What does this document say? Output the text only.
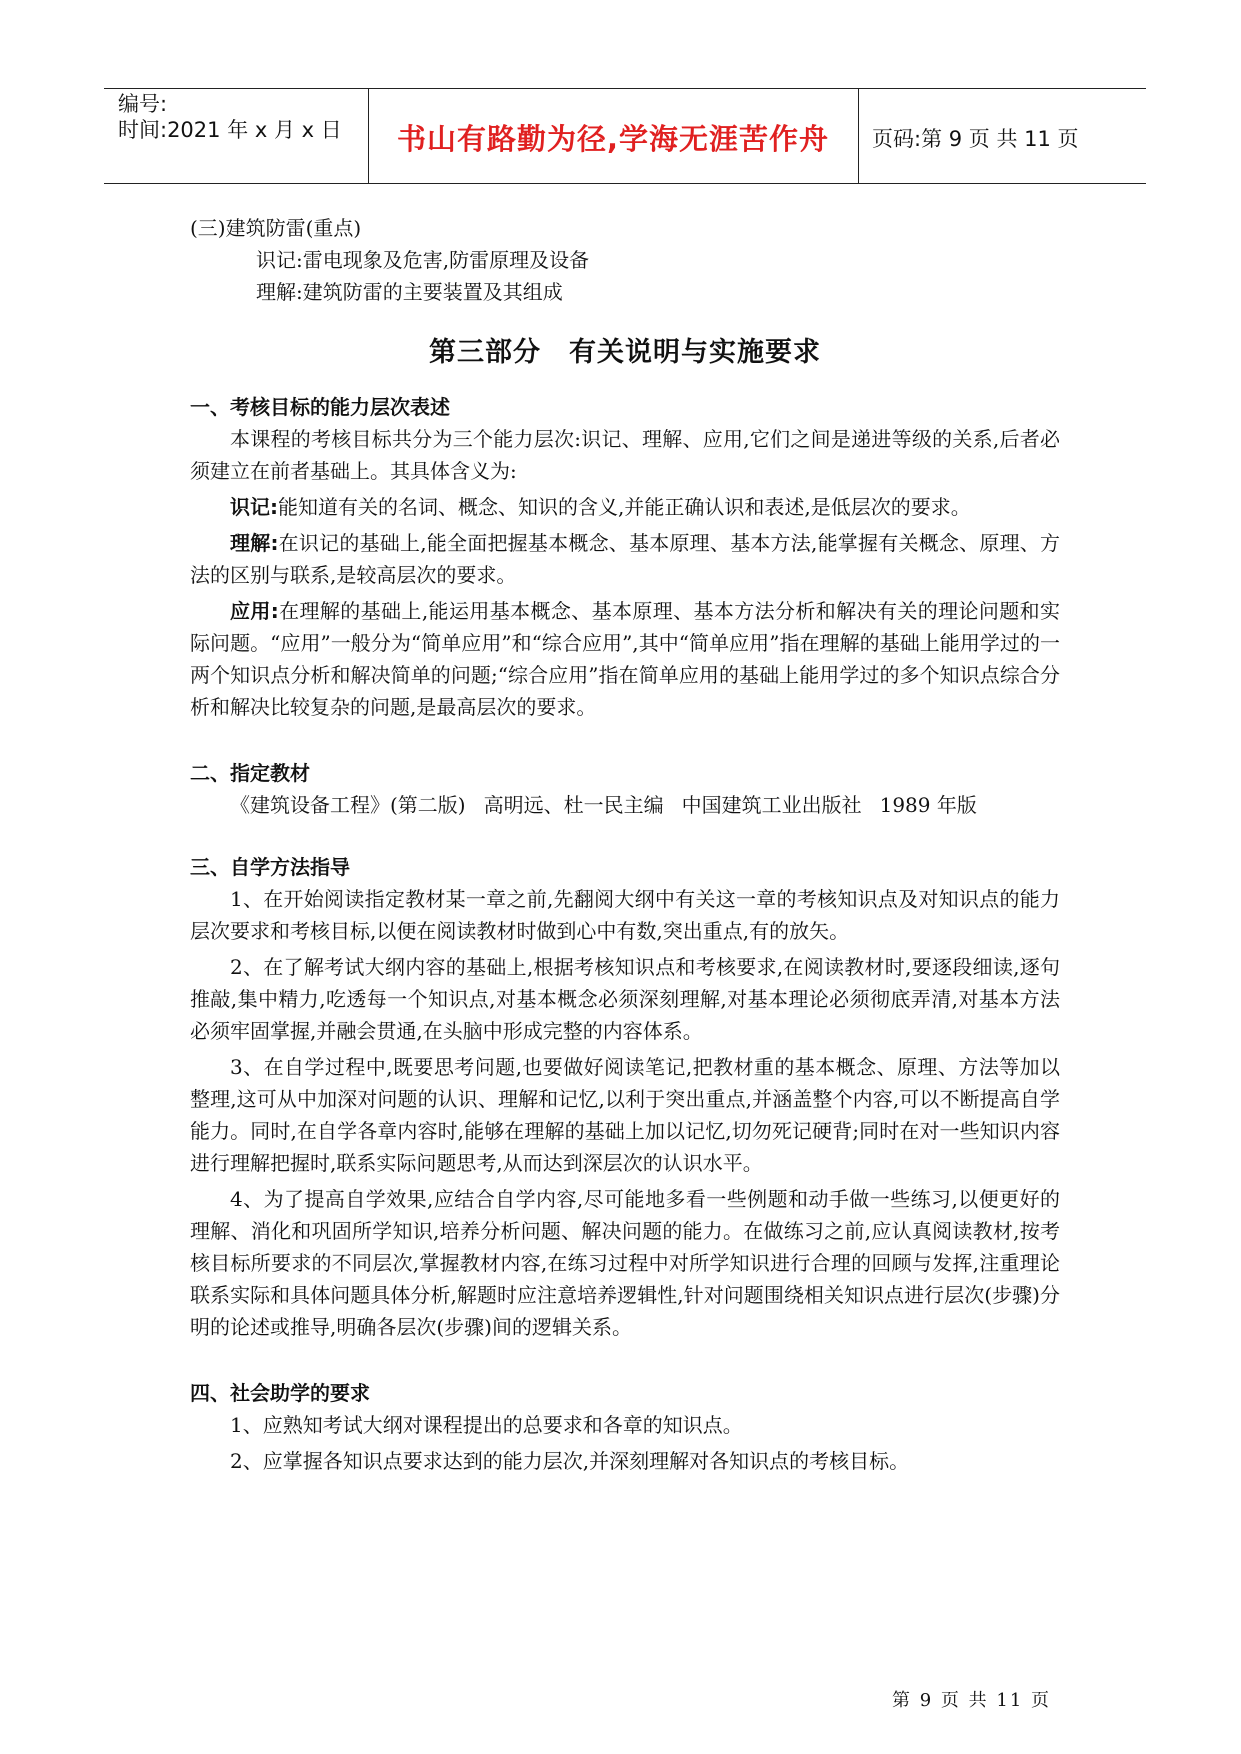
编号:
时间:2021 年 x 月 x 日	书山有路勤为径,学海无涯苦作舟	页码:第 9 页 共 11 页
(三)建筑防雷(重点)
识记:雷电现象及危害,防雷原理及设备
理解:建筑防雷的主要装置及其组成
第三部分　有关说明与实施要求
一、考核目标的能力层次表述

本课程的考核目标共分为三个能力层次:识记、理解、应用,它们之间是递进等级的关系,后者必须建立在前者基础上。其具体含义为:

识记:能知道有关的名词、概念、知识的含义,并能正确认识和表述,是低层次的要求。

理解:在识记的基础上,能全面把握基本概念、基本原理、基本方法,能掌握有关概念、原理、方法的区别与联系,是较高层次的要求。

应用:在理解的基础上,能运用基本概念、基本原理、基本方法分析和解决有关的理论问题和实际问题。“应用”一般分为“简单应用”和“综合应用”,其中“简单应用”指在理解的基础上能用学过的一两个知识点分析和解决简单的问题;“综合应用”指在简单应用的基础上能用学过的多个知识点综合分析和解决比较复杂的问题,是最高层次的要求。

二、指定教材
《建筑设备工程》(第二版) 高明远、杜一民主编 中国建筑工业出版社 1989 年版
三、自学方法指导

1、在开始阅读指定教材某一章之前,先翻阅大纲中有关这一章的考核知识点及对知识点的能力层次要求和考核目标,以便在阅读教材时做到心中有数,突出重点,有的放矢。

2、在了解考试大纲内容的基础上,根据考核知识点和考核要求,在阅读教材时,要逐段细读,逐句推敲,集中精力,吃透每一个知识点,对基本概念必须深刻理解,对基本理论必须彻底弄清,对基本方法必须牢固掌握,并融会贯通,在头脑中形成完整的内容体系。

3、在自学过程中,既要思考问题,也要做好阅读笔记,把教材重的基本概念、原理、方法等加以整理,这可从中加深对问题的认识、理解和记忆,以利于突出重点,并涵盖整个内容,可以不断提高自学能力。同时,在自学各章内容时,能够在理解的基础上加以记忆,切勿死记硬背;同时在对一些知识内容进行理解把握时,联系实际问题思考,从而达到深层次的认识水平。

4、为了提高自学效果,应结合自学内容,尽可能地多看一些例题和动手做一些练习,以便更好的理解、消化和巩固所学知识,培养分析问题、解决问题的能力。在做练习之前,应认真阅读教材,按考核目标所要求的不同层次,掌握教材内容,在练习过程中对所学知识进行合理的回顾与发挥,注重理论联系实际和具体问题具体分析,解题时应注意培养逻辑性,针对问题围绕相关知识点进行层次(步骤)分明的论述或推导,明确各层次(步骤)间的逻辑关系。

四、社会助学的要求

1、应熟知考试大纲对课程提出的总要求和各章的知识点。

2、应掌握各知识点要求达到的能力层次,并深刻理解对各知识点的考核目标。

第 9 页 共 11 页
